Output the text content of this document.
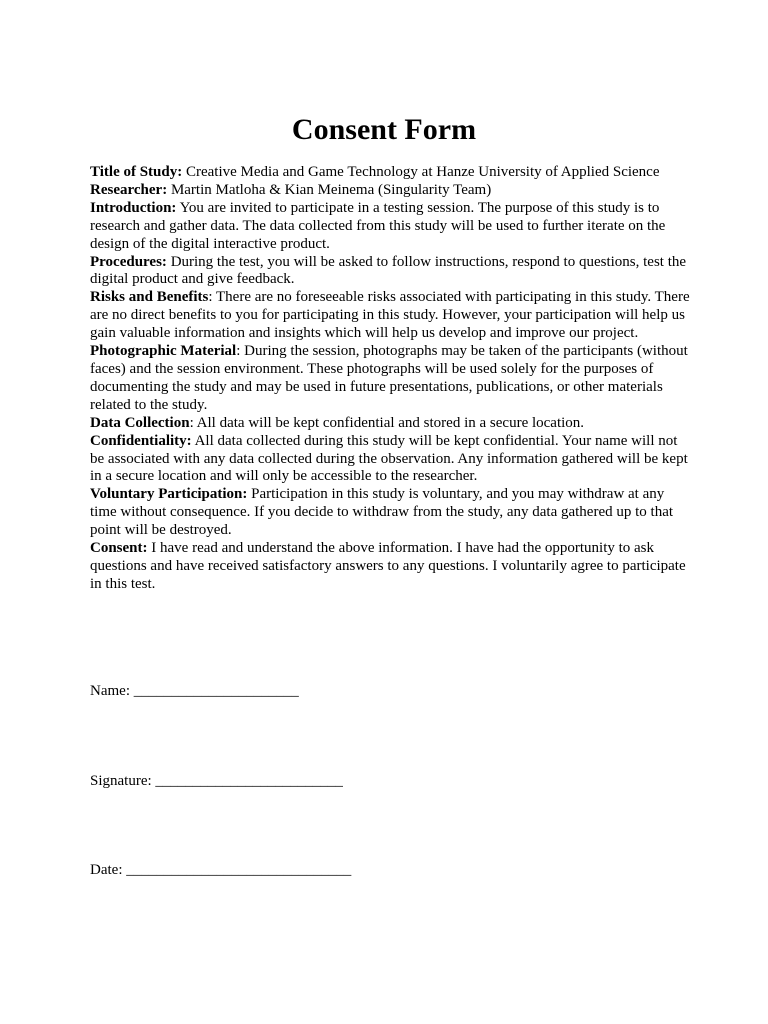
Consent Form

Title of Study: Creative Media and Game Technology at Hanze University of Applied Science

Researcher: Martin Matloha & Kian Meinema (Singularity Team)

Introduction: You are invited to participate in a testing session. The purpose of this study is to research and gather data. The data collected from this study will be used to further iterate on the design of the digital interactive product.

Procedures: During the test, you will be asked to follow instructions, respond to questions, test the digital product and give feedback.

Risks and Benefits: There are no foreseeable risks associated with participating in this study. There are no direct benefits to you for participating in this study. However, your participation will help us gain valuable information and insights which will help us develop and improve our project.

Photographic Material: During the session, photographs may be taken of the participants (without faces) and the session environment. These photographs will be used solely for the purposes of documenting the study and may be used in future presentations, publications, or other materials related to the study.

Data Collection: All data will be kept confidential and stored in a secure location.

Confidentiality: All data collected during this study will be kept confidential. Your name will not be associated with any data collected during the observation. Any information gathered will be kept in a secure location and will only be accessible to the researcher.

Voluntary Participation: Participation in this study is voluntary, and you may withdraw at any time without consequence. If you decide to withdraw from the study, any data gathered up to that point will be destroyed.

Consent: I have read and understand the above information. I have had the opportunity to ask questions and have received satisfactory answers to any questions. I voluntarily agree to participate in this test.

Name: ______________________
Signature: _________________________
Date: ______________________________
